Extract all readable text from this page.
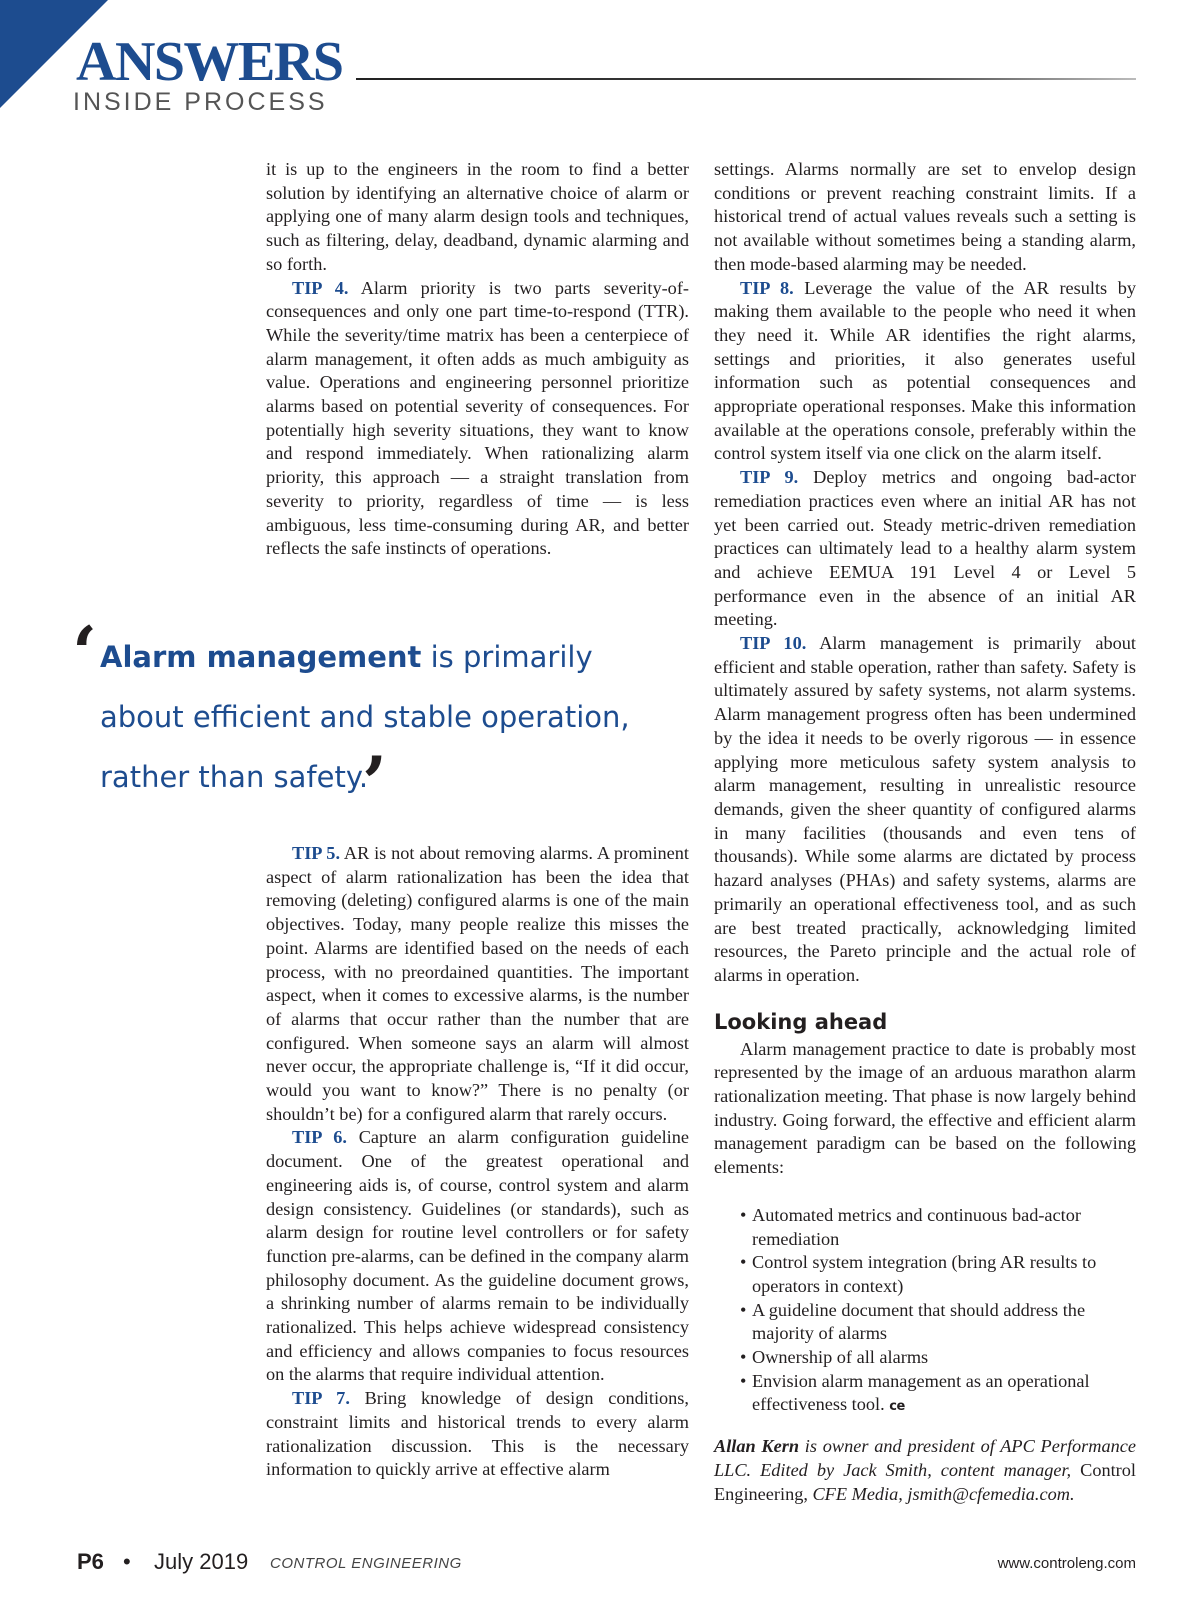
ANSWERS
INSIDE PROCESS

it is up to the engineers in the room to find a better solution by identifying an alternative choice of alarm or applying one of many alarm design tools and techniques, such as filtering, delay, deadband, dynamic alarming and so forth.

TIP 4. Alarm priority is two parts severity-of-consequences and only one part time-to-respond (TTR). While the severity/time matrix has been a centerpiece of alarm management, it often adds as much ambiguity as value. Operations and engineering personnel prioritize alarms based on potential severity of consequences. For potentially high severity situations, they want to know and respond immediately. When rationalizing alarm priority, this approach — a straight translation from severity to priority, regardless of time — is less ambiguous, less time-consuming during AR, and better reflects the safe instincts of operations.

‘ Alarm management is primarily about efficient and stable operation, rather than safety.
’

TIP 5. AR is not about removing alarms. A prominent aspect of alarm rationalization has been the idea that removing (deleting) configured alarms is one of the main objectives. Today, many people realize this misses the point. Alarms are identified based on the needs of each process, with no preordained quantities. The important aspect, when it comes to excessive alarms, is the number of alarms that occur rather than the number that are configured. When someone says an alarm will almost never occur, the appropriate challenge is, “If it did occur, would you want to know?” There is no penalty (or shouldn’t be) for a configured alarm that rarely occurs.

TIP 6. Capture an alarm configuration guideline document. One of the greatest operational and engineering aids is, of course, control system and alarm design consistency. Guidelines (or standards), such as alarm design for routine level controllers or for safety function pre-alarms, can be defined in the company alarm philosophy document. As the guideline document grows, a shrinking number of alarms remain to be individually rationalized. This helps achieve widespread consistency and efficiency and allows companies to focus resources on the alarms that require individual attention.

TIP 7. Bring knowledge of design conditions, constraint limits and historical trends to every alarm rationalization discussion. This is the necessary information to quickly arrive at effective alarm

settings. Alarms normally are set to envelop design conditions or prevent reaching constraint limits. If a historical trend of actual values reveals such a setting is not available without sometimes being a standing alarm, then mode-based alarming may be needed.

TIP 8. Leverage the value of the AR results by making them available to the people who need it when they need it. While AR identifies the right alarms, settings and priorities, it also generates useful information such as potential consequences and appropriate operational responses. Make this information available at the operations console, preferably within the control system itself via one click on the alarm itself.

TIP 9. Deploy metrics and ongoing bad-actor remediation practices even where an initial AR has not yet been carried out. Steady metric-driven remediation practices can ultimately lead to a healthy alarm system and achieve EEMUA 191 Level 4 or Level 5 performance even in the absence of an initial AR meeting.

TIP 10. Alarm management is primarily about efficient and stable operation, rather than safety. Safety is ultimately assured by safety systems, not alarm systems. Alarm management progress often has been undermined by the idea it needs to be overly rigorous — in essence applying more meticulous safety system analysis to alarm management, resulting in unrealistic resource demands, given the sheer quantity of configured alarms in many facilities (thousands and even tens of thousands). While some alarms are dictated by process hazard analyses (PHAs) and safety systems, alarms are primarily an operational effectiveness tool, and as such are best treated practically, acknowledging limited resources, the Pareto principle and the actual role of alarms in operation.

Looking ahead

Alarm management practice to date is probably most represented by the image of an arduous marathon alarm rationalization meeting. That phase is now largely behind industry. Going forward, the effective and efficient alarm management paradigm can be based on the following elements:

• Automated metrics and continuous bad-actor remediation
• Control system integration (bring AR results to operators in context)
• A guideline document that should address the majority of alarms
• Ownership of all alarms
• Envision alarm management as an operational effectiveness tool. ce

Allan Kern is owner and president of APC Performance LLC. Edited by Jack Smith, content manager, Control Engineering, CFE Media, jsmith@cfemedia.com.

P6 • July 2019 CONTROL ENGINEERING	www.controleng.com
